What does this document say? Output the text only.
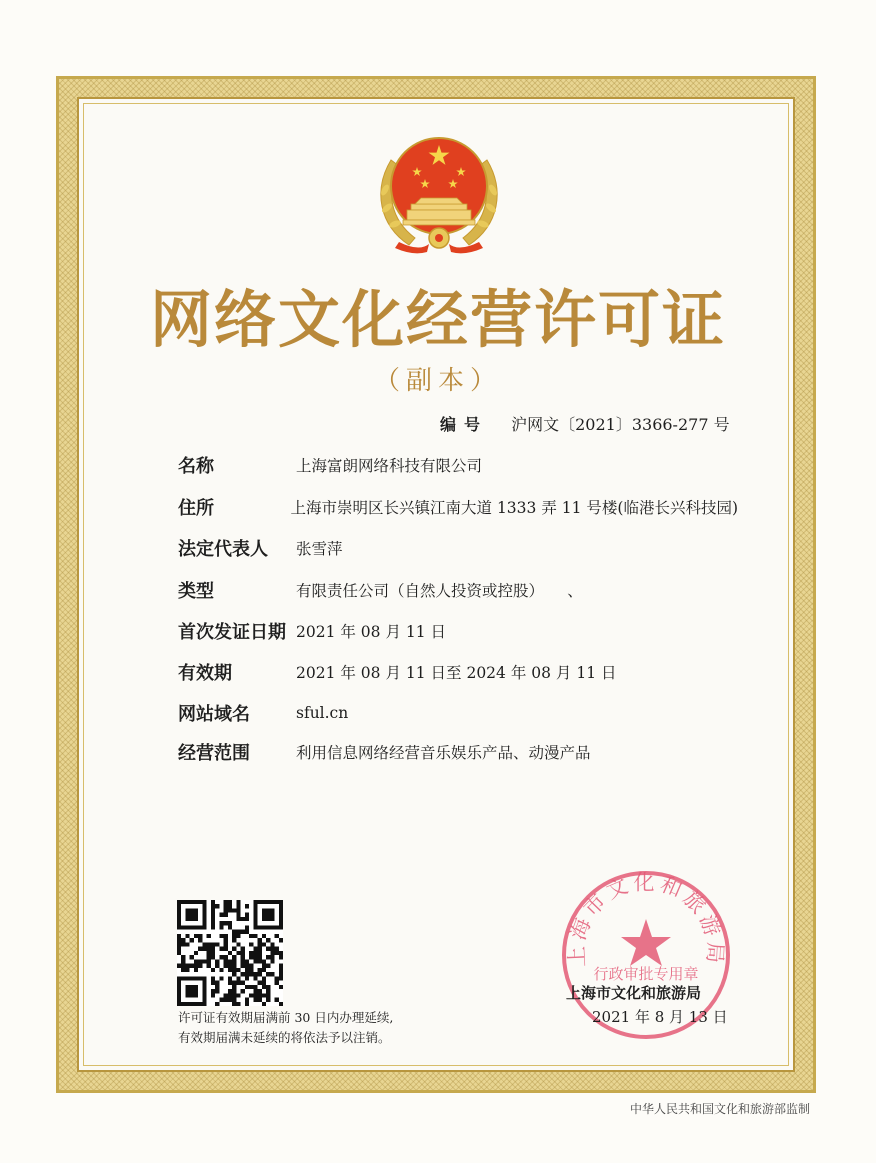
网络文化经营许可证
（副本）
编号 沪网文〔2021〕3366-277 号
名称	上海富朗网络科技有限公司
住所	上海市崇明区长兴镇江南大道 1333 弄 11 号楼(临港长兴科技园)
法定代表人	张雪萍
类型	有限责任公司（自然人投资或控股）　　、
首次发证日期 2021 年 08 月 11 日
有效期	2021 年 08 月 11 日至 2024 年 08 月 11 日
网站域名	sful.cn
经营范围	利用信息网络经营音乐娱乐产品、动漫产品
许可证有效期届满前 30 日内办理延续,
有效期届满未延续的将依法予以注销。
上海市文化和旅游局
行政审批专用章
上海市文化和旅游局
2021 年 8 月 13 日
中华人民共和国文化和旅游部监制
